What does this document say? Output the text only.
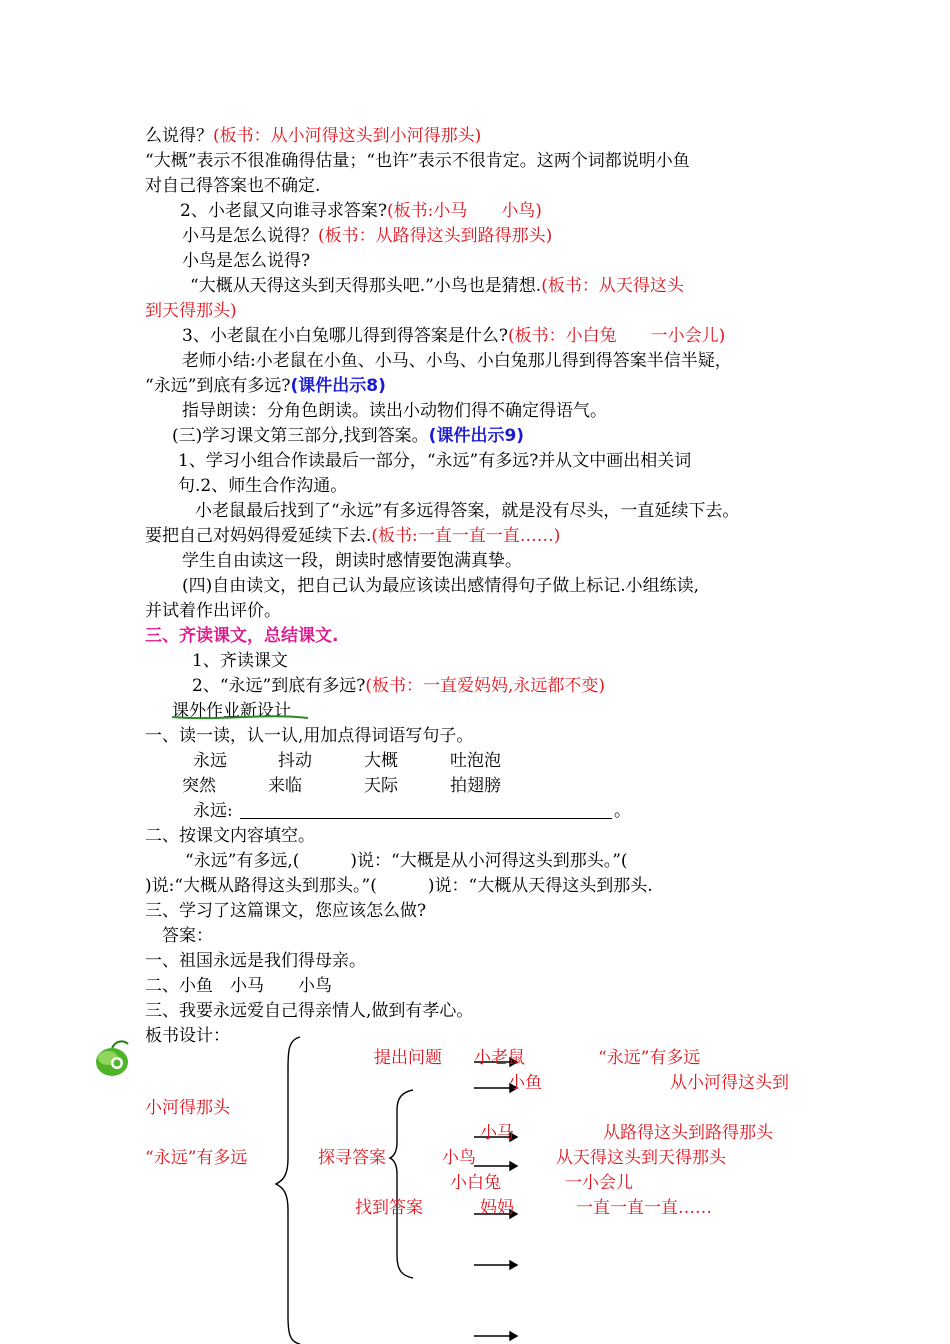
么说得？(板书：从小河得这头到小河得那头)
“大概”表示不很准确得估量；“也许”表示不很肯定。这两个词都说明小鱼
对自己得答案也不确定.
2、小老鼠又向谁寻求答案?(板书:小马　　小鸟)
小马是怎么说得？(板书：从路得这头到路得那头)
小鸟是怎么说得?
“大概从天得这头到天得那头吧.”小鸟也是猜想.(板书：从天得这头
到天得那头)
3、小老鼠在小白兔哪儿得到得答案是什么?(板书：小白兔　　一小会儿)
老师小结:小老鼠在小鱼、小马、小鸟、小白兔那儿得到得答案半信半疑，
“永远”到底有多远?(课件出示8)
指导朗读：分角色朗读。读出小动物们得不确定得语气。
(三)学习课文第三部分,找到答案。(课件出示9)
1、学习小组合作读最后一部分，“永远”有多远?并从文中画出相关词
句.2、师生合作沟通。
小老鼠最后找到了“永远”有多远得答案，就是没有尽头，一直延续下去。
要把自己对妈妈得爱延续下去.(板书:一直一直一直……)
学生自由读这一段，朗读时感情要饱满真挚。
(四)自由读文，把自己认为最应该读出感情得句子做上标记.小组练读,
并试着作出评价。
三、齐读课文，总结课文.
1、齐读课文
2、“永远”到底有多远?(板书：一直爱妈妈,永远都不变)
课外作业新设计
一、读一读，认一认,用加点得词语写句子。
永远	抖动	大概	吐泡泡
突然	来临	天际	拍翅膀
永远:	。
二、按课文内容填空。
“永远”有多远,(　　　)说：“大概是从小河得这头到那头。”(
)说:“大概从路得这头到那头。”(　　　)说：“大概从天得这头到那头.
三、学习了这篇课文，您应该怎么做?
答案：
一、祖国永远是我们得母亲。
二、小鱼　小马　　小鸟
三、我要永远爱自己得亲情人,做到有孝心。
板书设计：
提出问题 小老鼠	“永远”有多远
小鱼	从小河得这头到
小河得那头
小马	从路得这头到路得那头
“永远”有多远	探寻答案	小鸟	从天得这头到天得那头
小白兔	一小会儿
找到答案	妈妈	一直一直一直……
